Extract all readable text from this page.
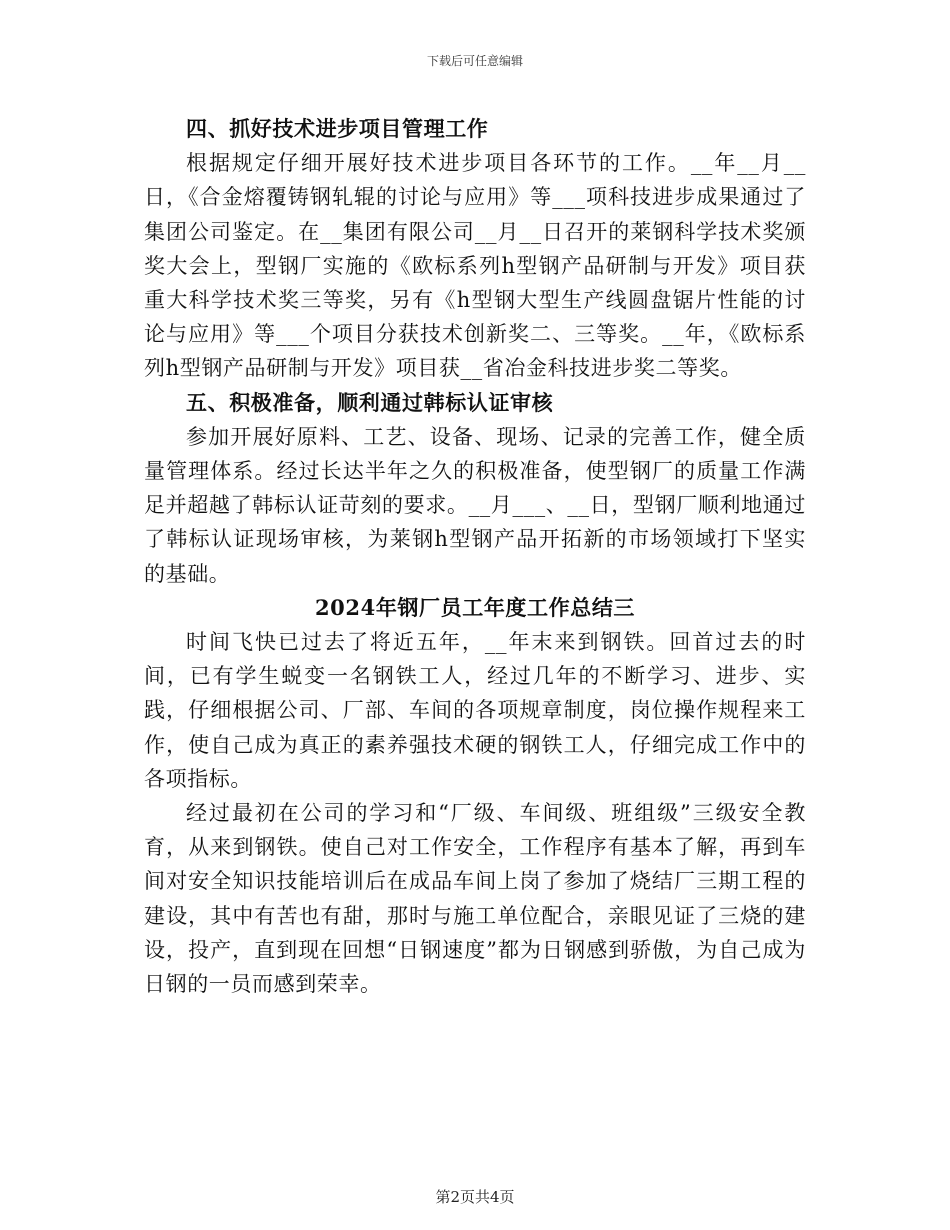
下载后可任意编辑

四、抓好技术进步项目管理工作

根据规定仔细开展好技术进步项目各环节的工作。__年__月__日，《合金熔覆铸钢轧辊的讨论与应用》等___项科技进步成果通过了集团公司鉴定。在__集团有限公司__月__日召开的莱钢科学技术奖颁奖大会上，型钢厂实施的《欧标系列h型钢产品研制与开发》项目获重大科学技术奖三等奖，另有《h型钢大型生产线圆盘锯片性能的讨论与应用》等___个项目分获技术创新奖二、三等奖。__年，《欧标系列h型钢产品研制与开发》项目获__省冶金科技进步奖二等奖。

五、积极准备，顺利通过韩标认证审核

参加开展好原料、工艺、设备、现场、记录的完善工作，健全质量管理体系。经过长达半年之久的积极准备，使型钢厂的质量工作满足并超越了韩标认证苛刻的要求。__月___、__日，型钢厂顺利地通过了韩标认证现场审核，为莱钢h型钢产品开拓新的市场领域打下坚实的基础。

2024年钢厂员工年度工作总结三

时间飞快已过去了将近五年，__年末来到钢铁。回首过去的时间，已有学生蜕变一名钢铁工人，经过几年的不断学习、进步、实践，仔细根据公司、厂部、车间的各项规章制度，岗位操作规程来工作，使自己成为真正的素养强技术硬的钢铁工人，仔细完成工作中的各项指标。

经过最初在公司的学习和“厂级、车间级、班组级”三级安全教育，从来到钢铁。使自己对工作安全，工作程序有基本了解，再到车间对安全知识技能培训后在成品车间上岗了参加了烧结厂三期工程的建设，其中有苦也有甜，那时与施工单位配合，亲眼见证了三烧的建设，投产，直到现在回想“日钢速度”都为日钢感到骄傲，为自己成为日钢的一员而感到荣幸。

第2页共4页
